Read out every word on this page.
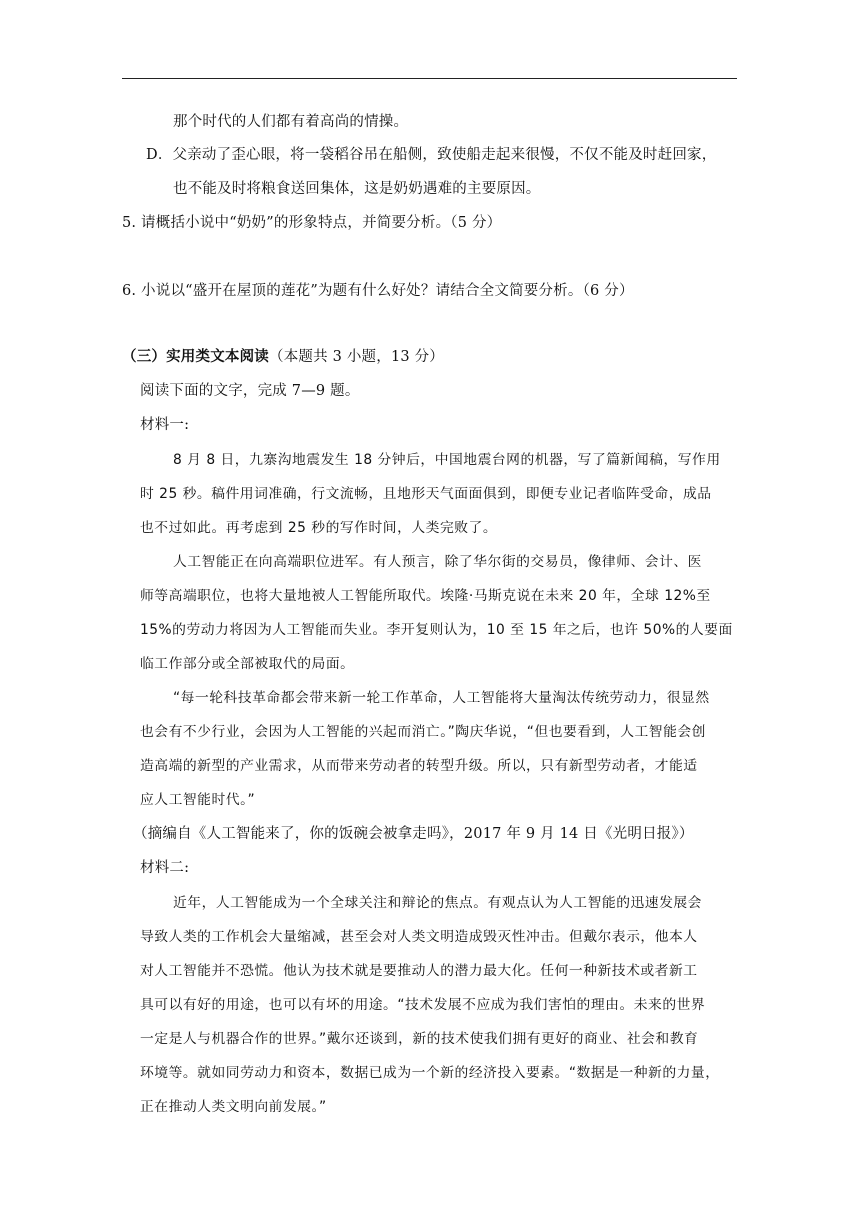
那个时代的人们都有着高尚的情操。
D．父亲动了歪心眼，将一袋稻谷吊在船侧，致使船走起来很慢，不仅不能及时赶回家，
也不能及时将粮食送回集体，这是奶奶遇难的主要原因。
5. 请概括小说中“奶奶”的形象特点，并简要分析。（5 分）
6. 小说以“盛开在屋顶的莲花”为题有什么好处？请结合全文简要分析。（6 分）
（三）实用类文本阅读（本题共 3 小题，13 分）
阅读下面的文字，完成 7—9 题。
材料一:
8 月 8 日，九寨沟地震发生 18 分钟后，中国地震台网的机器，写了篇新闻稿，写作用
时 25 秒。稿件用词准确，行文流畅，且地形天气面面俱到，即便专业记者临阵受命，成品
也不过如此。再考虑到 25 秒的写作时间，人类完败了。
人工智能正在向高端职位进军。有人预言，除了华尔街的交易员，像律师、会计、医
师等高端职位，也将大量地被人工智能所取代。埃隆·马斯克说在未来 20 年，全球 12%至
15%的劳动力将因为人工智能而失业。李开复则认为，10 至 15 年之后，也许 50%的人要面
临工作部分或全部被取代的局面。
“每一轮科技革命都会带来新一轮工作革命，人工智能将大量淘汰传统劳动力，很显然
也会有不少行业，会因为人工智能的兴起而消亡。”陶庆华说，“但也要看到，人工智能会创
造高端的新型的产业需求，从而带来劳动者的转型升级。所以，只有新型劳动者，才能适
应人工智能时代。”
（摘编自《人工智能来了，你的饭碗会被拿走吗》，2017 年 9 月 14 日《光明日报》）
材料二:
近年，人工智能成为一个全球关注和辩论的焦点。有观点认为人工智能的迅速发展会
导致人类的工作机会大量缩减，甚至会对人类文明造成毁灭性冲击。但戴尔表示，他本人
对人工智能并不恐慌。他认为技术就是要推动人的潜力最大化。任何一种新技术或者新工
具可以有好的用途，也可以有坏的用途。“技术发展不应成为我们害怕的理由。未来的世界
一定是人与机器合作的世界。”戴尔还谈到，新的技术使我们拥有更好的商业、社会和教育
环境等。就如同劳动力和资本，数据已成为一个新的经济投入要素。“数据是一种新的力量，
正在推动人类文明向前发展。”
